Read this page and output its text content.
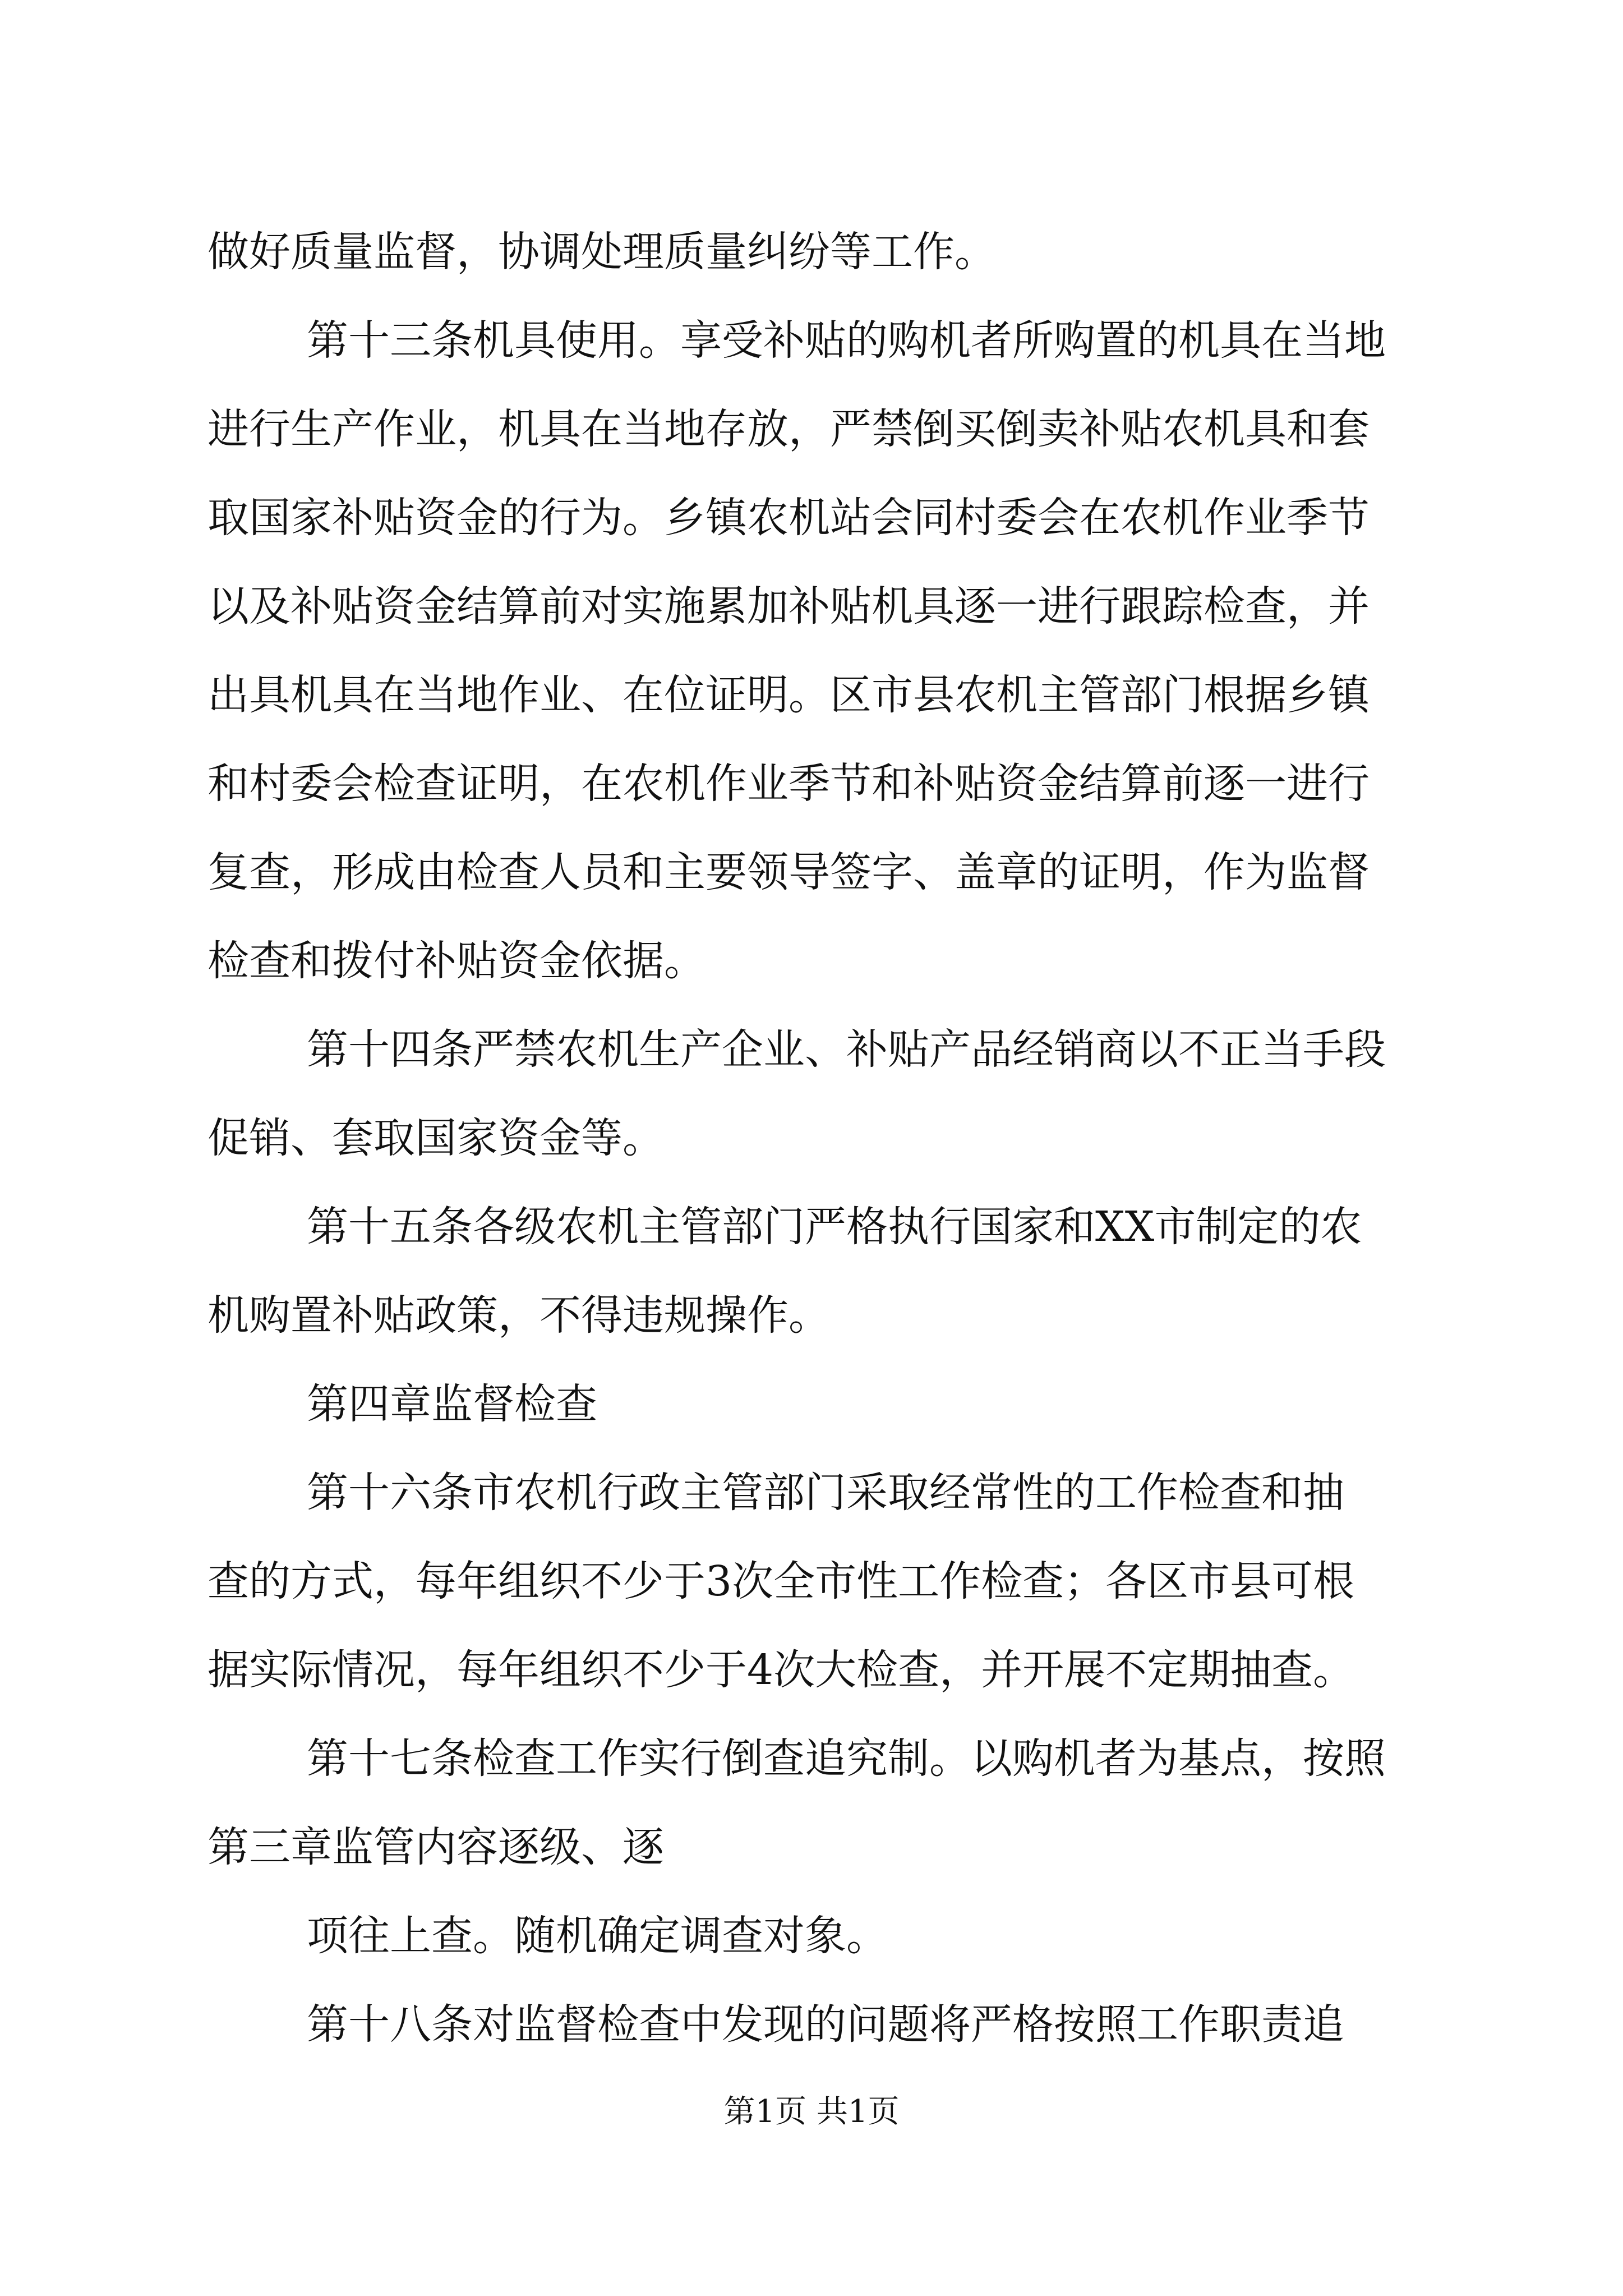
做好质量监督，协调处理质量纠纷等工作。
第十三条机具使用。享受补贴的购机者所购置的机具在当地
进行生产作业，机具在当地存放，严禁倒买倒卖补贴农机具和套
取国家补贴资金的行为。乡镇农机站会同村委会在农机作业季节
以及补贴资金结算前对实施累加补贴机具逐一进行跟踪检查，并
出具机具在当地作业、在位证明。区市县农机主管部门根据乡镇
和村委会检查证明，在农机作业季节和补贴资金结算前逐一进行
复查，形成由检查人员和主要领导签字、盖章的证明，作为监督
检查和拨付补贴资金依据。
第十四条严禁农机生产企业、补贴产品经销商以不正当手段
促销、套取国家资金等。
第十五条各级农机主管部门严格执行国家和XX市制定的农
机购置补贴政策，不得违规操作。
第四章监督检查
第十六条市农机行政主管部门采取经常性的工作检查和抽
查的方式，每年组织不少于3次全市性工作检查；各区市县可根
据实际情况，每年组织不少于4次大检查，并开展不定期抽查。
第十七条检查工作实行倒查追究制。以购机者为基点，按照
第三章监管内容逐级、逐
项往上查。随机确定调查对象。
第十八条对监督检查中发现的问题将严格按照工作职责追
第1页 共1页
